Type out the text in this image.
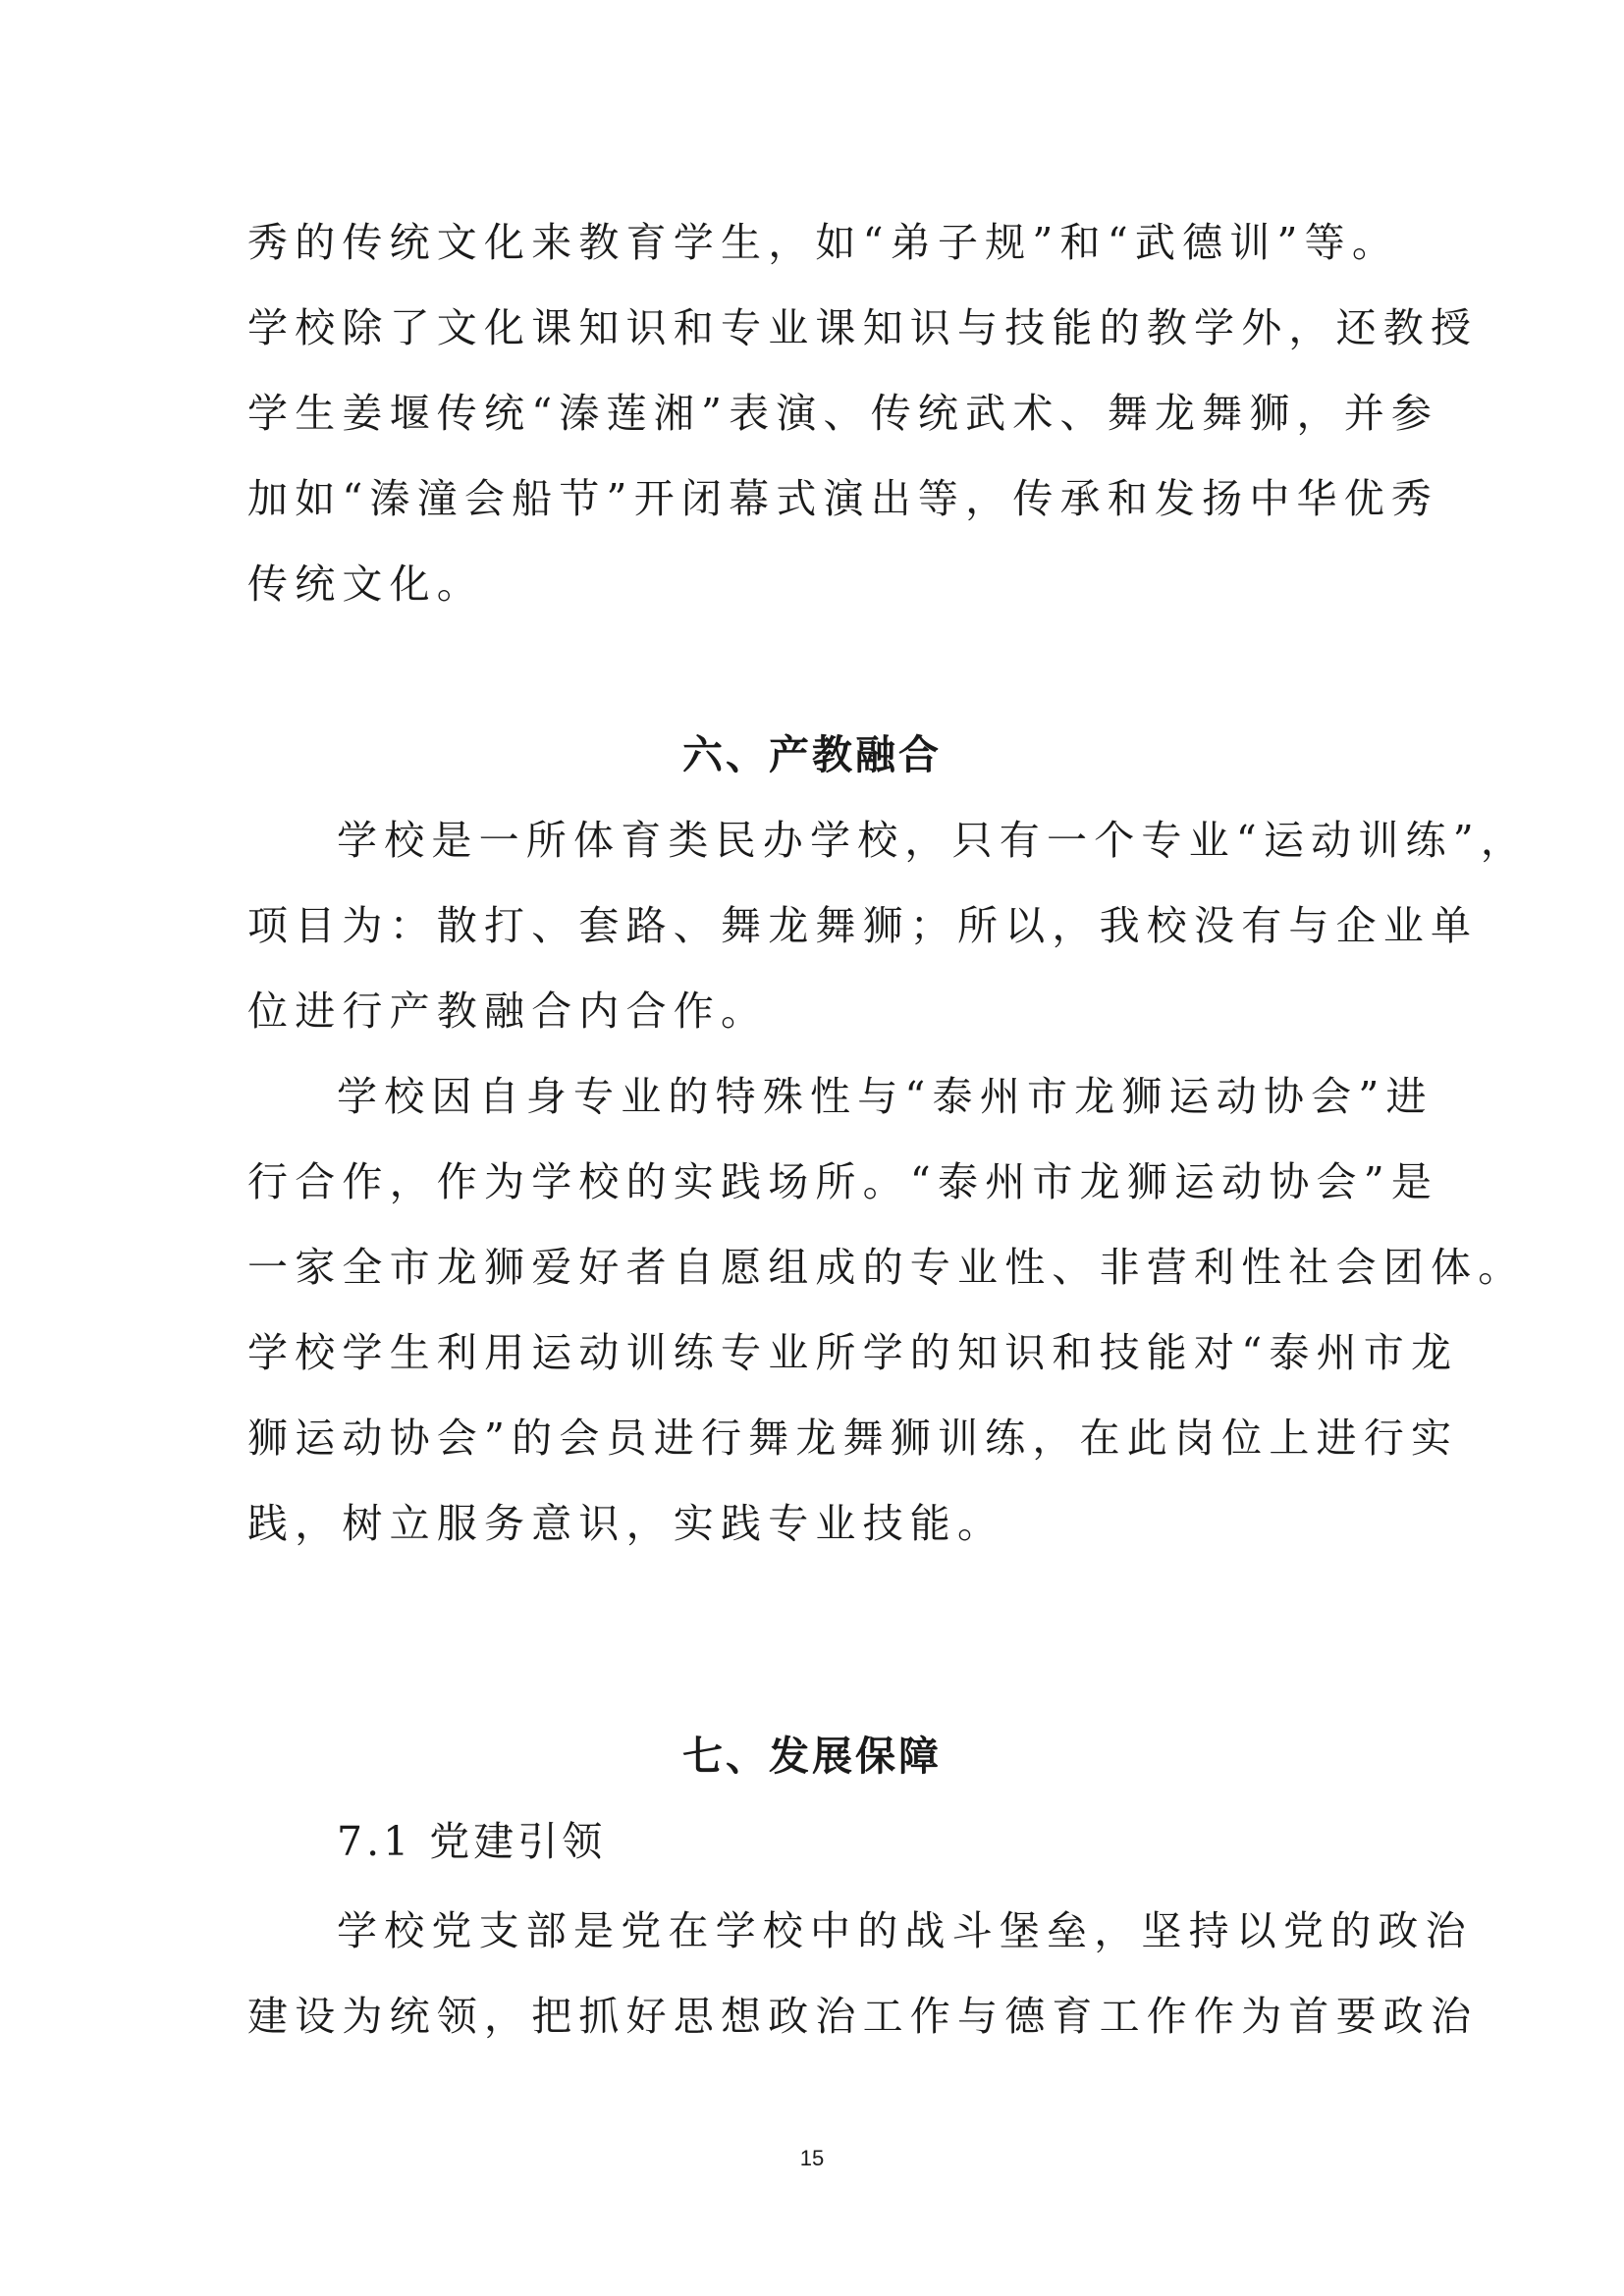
秀的传统文化来教育学生，如“弟子规”和“武德训”等。
学校除了文化课知识和专业课知识与技能的教学外，还教授
学生姜堰传统“溱莲湘”表演、传统武术、舞龙舞狮，并参
加如“溱潼会船节”开闭幕式演出等，传承和发扬中华优秀
传统文化。
六、产教融合
学校是一所体育类民办学校，只有一个专业“运动训练”，
项目为：散打、套路、舞龙舞狮；所以，我校没有与企业单
位进行产教融合内合作。
学校因自身专业的特殊性与“泰州市龙狮运动协会”进
行合作，作为学校的实践场所。“泰州市龙狮运动协会”是
一家全市龙狮爱好者自愿组成的专业性、非营利性社会团体。
学校学生利用运动训练专业所学的知识和技能对“泰州市龙
狮运动协会”的会员进行舞龙舞狮训练，在此岗位上进行实
践，树立服务意识，实践专业技能。
七、发展保障
7.1 党建引领
学校党支部是党在学校中的战斗堡垒，坚持以党的政治
建设为统领，把抓好思想政治工作与德育工作作为首要政治
15
